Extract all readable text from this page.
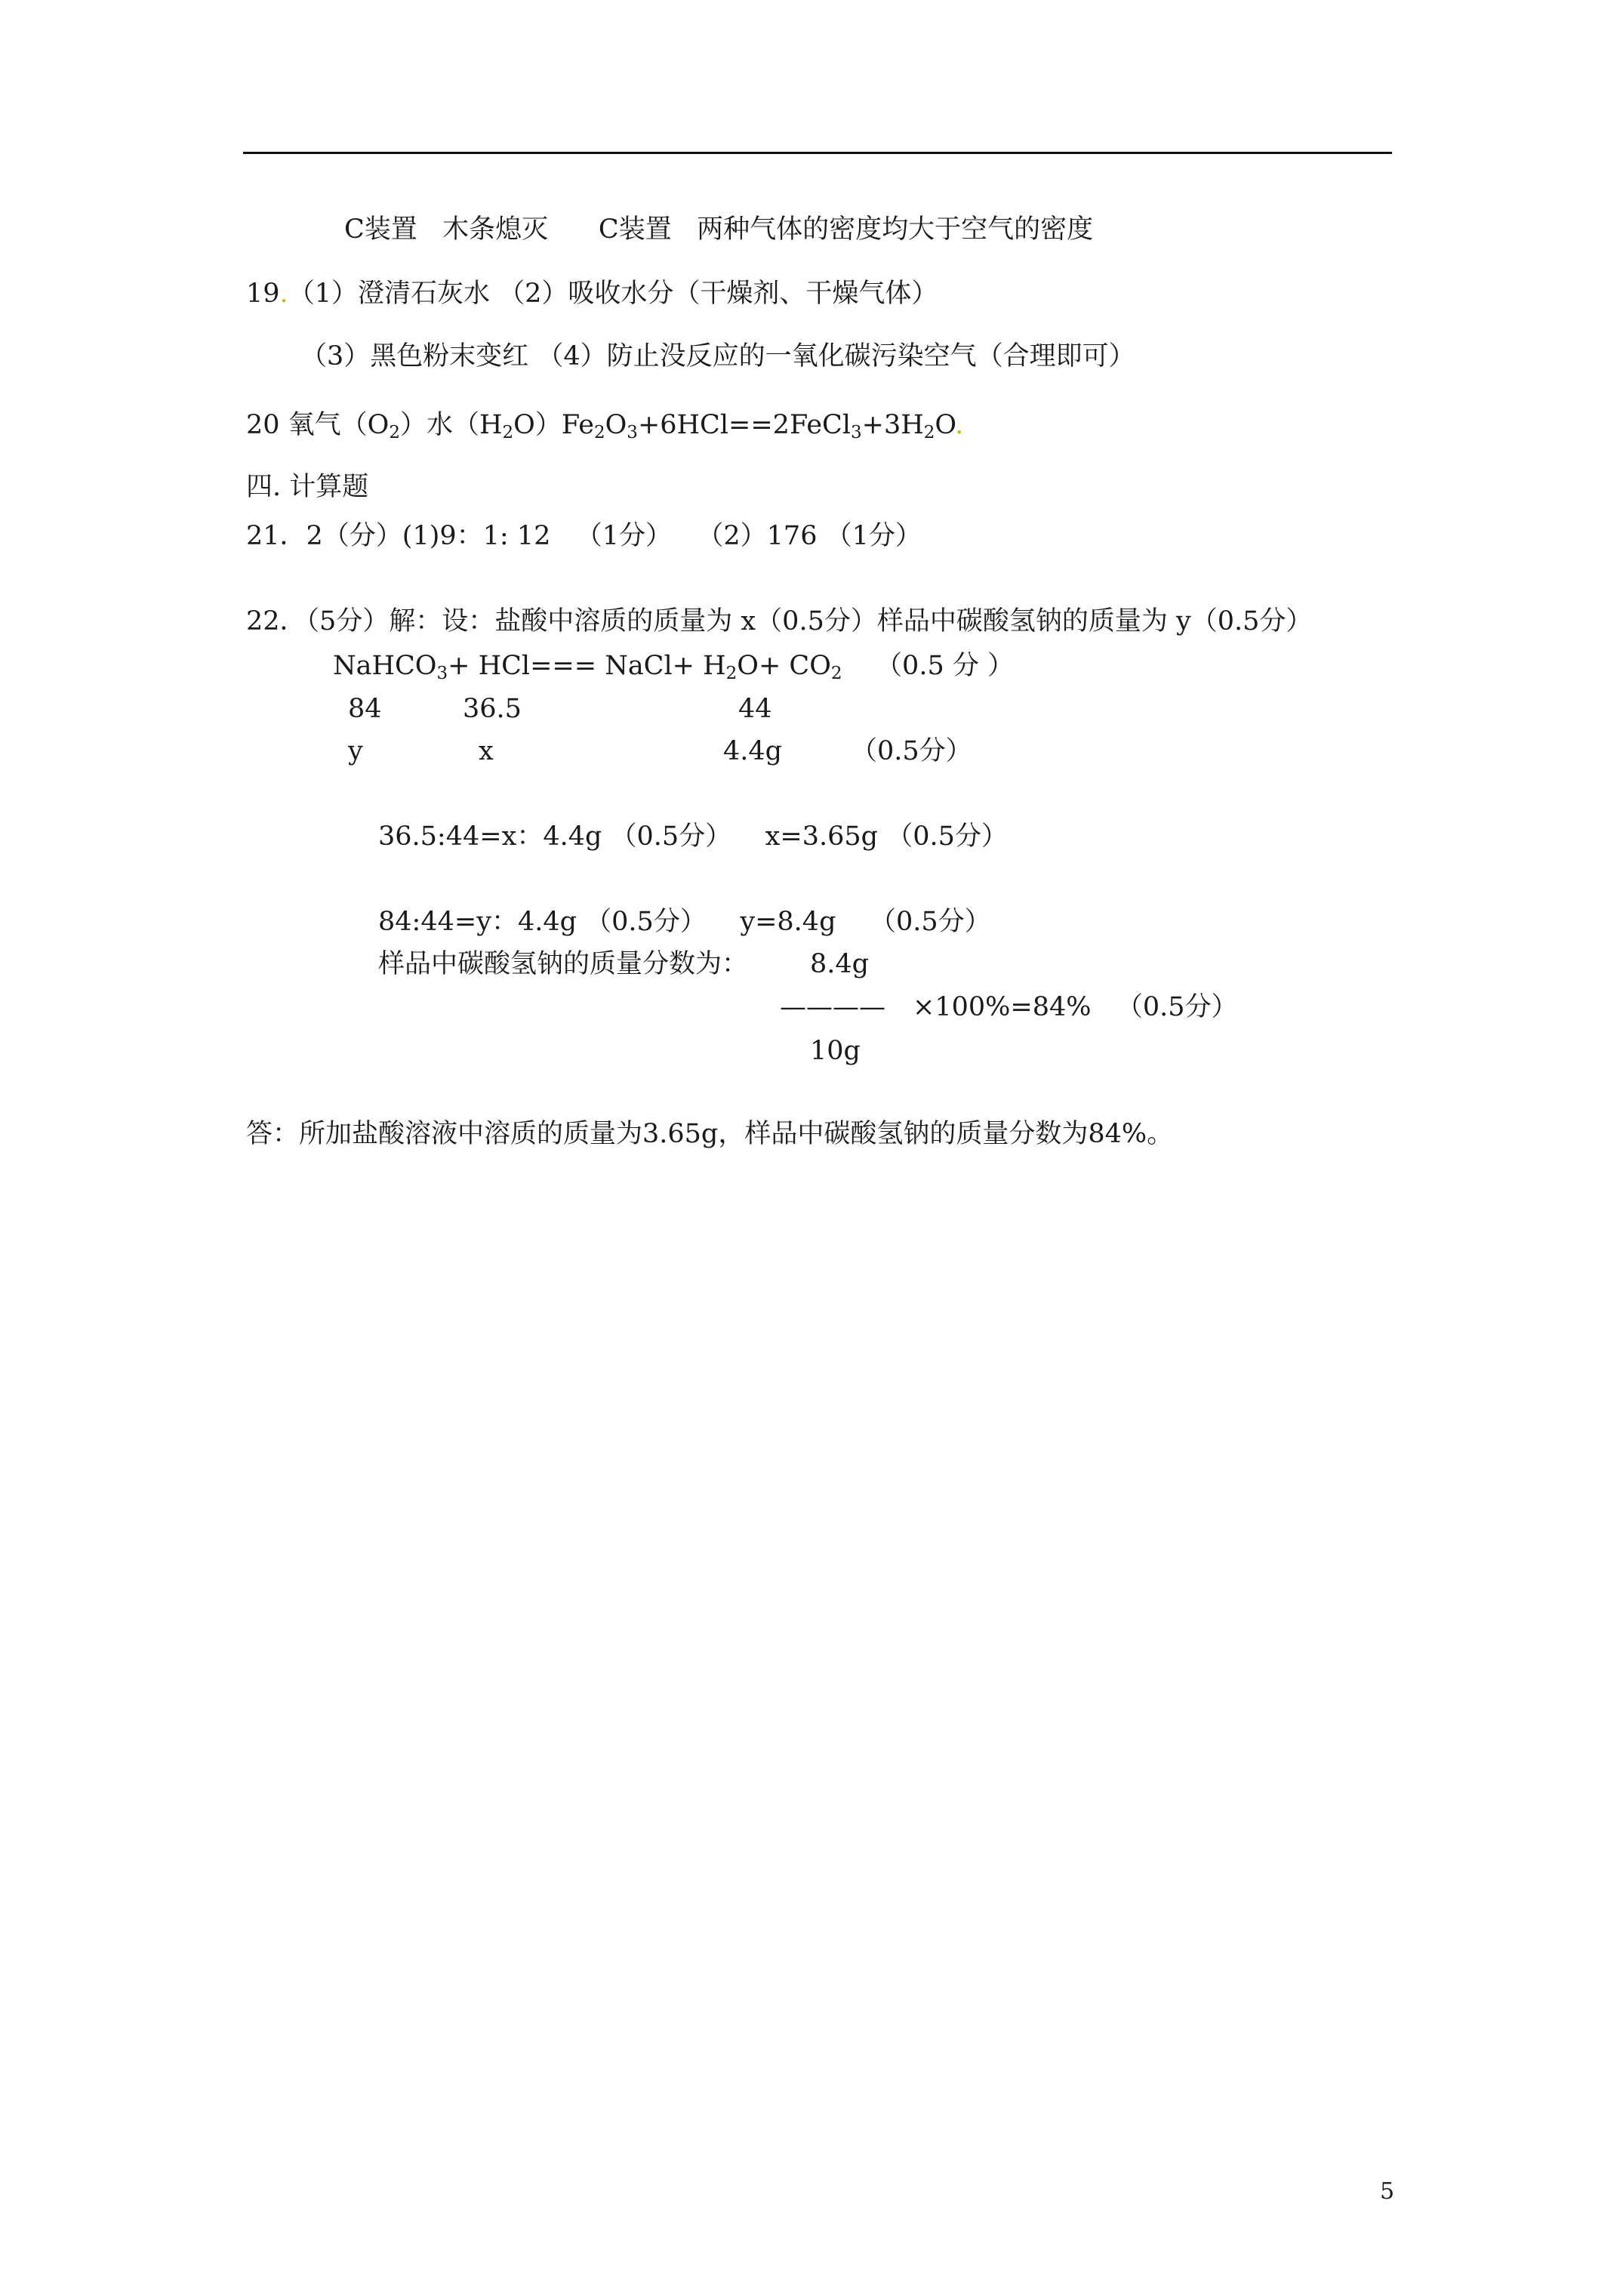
C装置   木条熄灭      C装置   两种气体的密度均大于空气的密度
19.（1）澄清石灰水 （2）吸收水分（干燥剂、干燥气体）
（3）黑色粉末变红 （4）防止没反应的一氧化碳污染空气（合理即可）
20 氧气$(O_2)$水$(H_2O)Fe_2O_3+6HCl==2FeCl_3+3H_2O$.
四. 计算题
21．2（分）(1)9：1: 12   （1分）   （2）176 （1分）
22．（5分）解：设：盐酸中溶质的质量为 x（0.5分）样品中碳酸氢钠的质量为 y（0.5分）
NaHCO$_3$+ HCl=== NaCl+ $H_2O+ CO_2$    （0.5 分 ）
84	36.5	44
y	x	4.4g	（0.5分）
36.5:44=x：4.4g （0.5分）    x=3.65g （0.5分）
84:44=y：4.4g （0.5分）    y=8.4g    （0.5分）
样品中碳酸氢钠的质量分数为： 8.4g
———— ×100%=84%   （0.5分）
10g
答：所加盐酸溶液中溶质的质量为3.65g，样品中碳酸氢钠的质量分数为84%。
5
